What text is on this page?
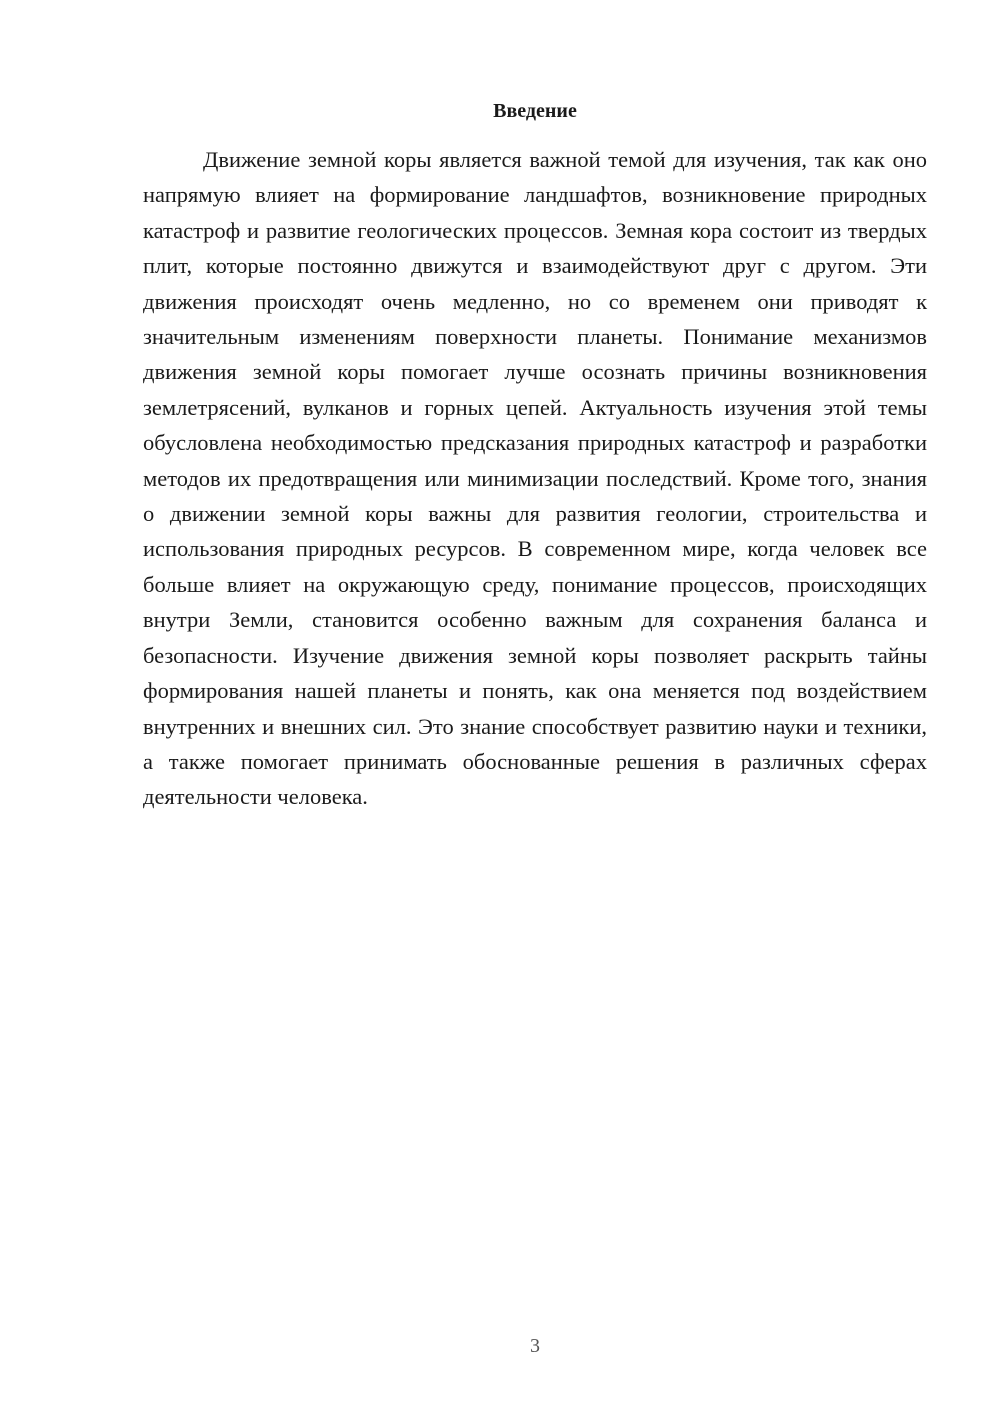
Введение

Движение земной коры является важной темой для изучения, так как оно напрямую влияет на формирование ландшафтов, возникновение природных катастроф и развитие геологических процессов. Земная кора состоит из твердых плит, которые постоянно движутся и взаимодействуют друг с другом. Эти движения происходят очень медленно, но со временем они приводят к значительным изменениям поверхности планеты. Понимание механизмов движения земной коры помогает лучше осознать причины возникновения землетрясений, вулканов и горных цепей. Актуальность изучения этой темы обусловлена необходимостью предсказания природных катастроф и разработки методов их предотвращения или минимизации последствий. Кроме того, знания о движении земной коры важны для развития геологии, строительства и использования природных ресурсов. В современном мире, когда человек все больше влияет на окружающую среду, понимание процессов, происходящих внутри Земли, становится особенно важным для сохранения баланса и безопасности. Изучение движения земной коры позволяет раскрыть тайны формирования нашей планеты и понять, как она меняется под воздействием внутренних и внешних сил. Это знание способствует развитию науки и техники, а также помогает принимать обоснованные решения в различных сферах деятельности человека.

3
